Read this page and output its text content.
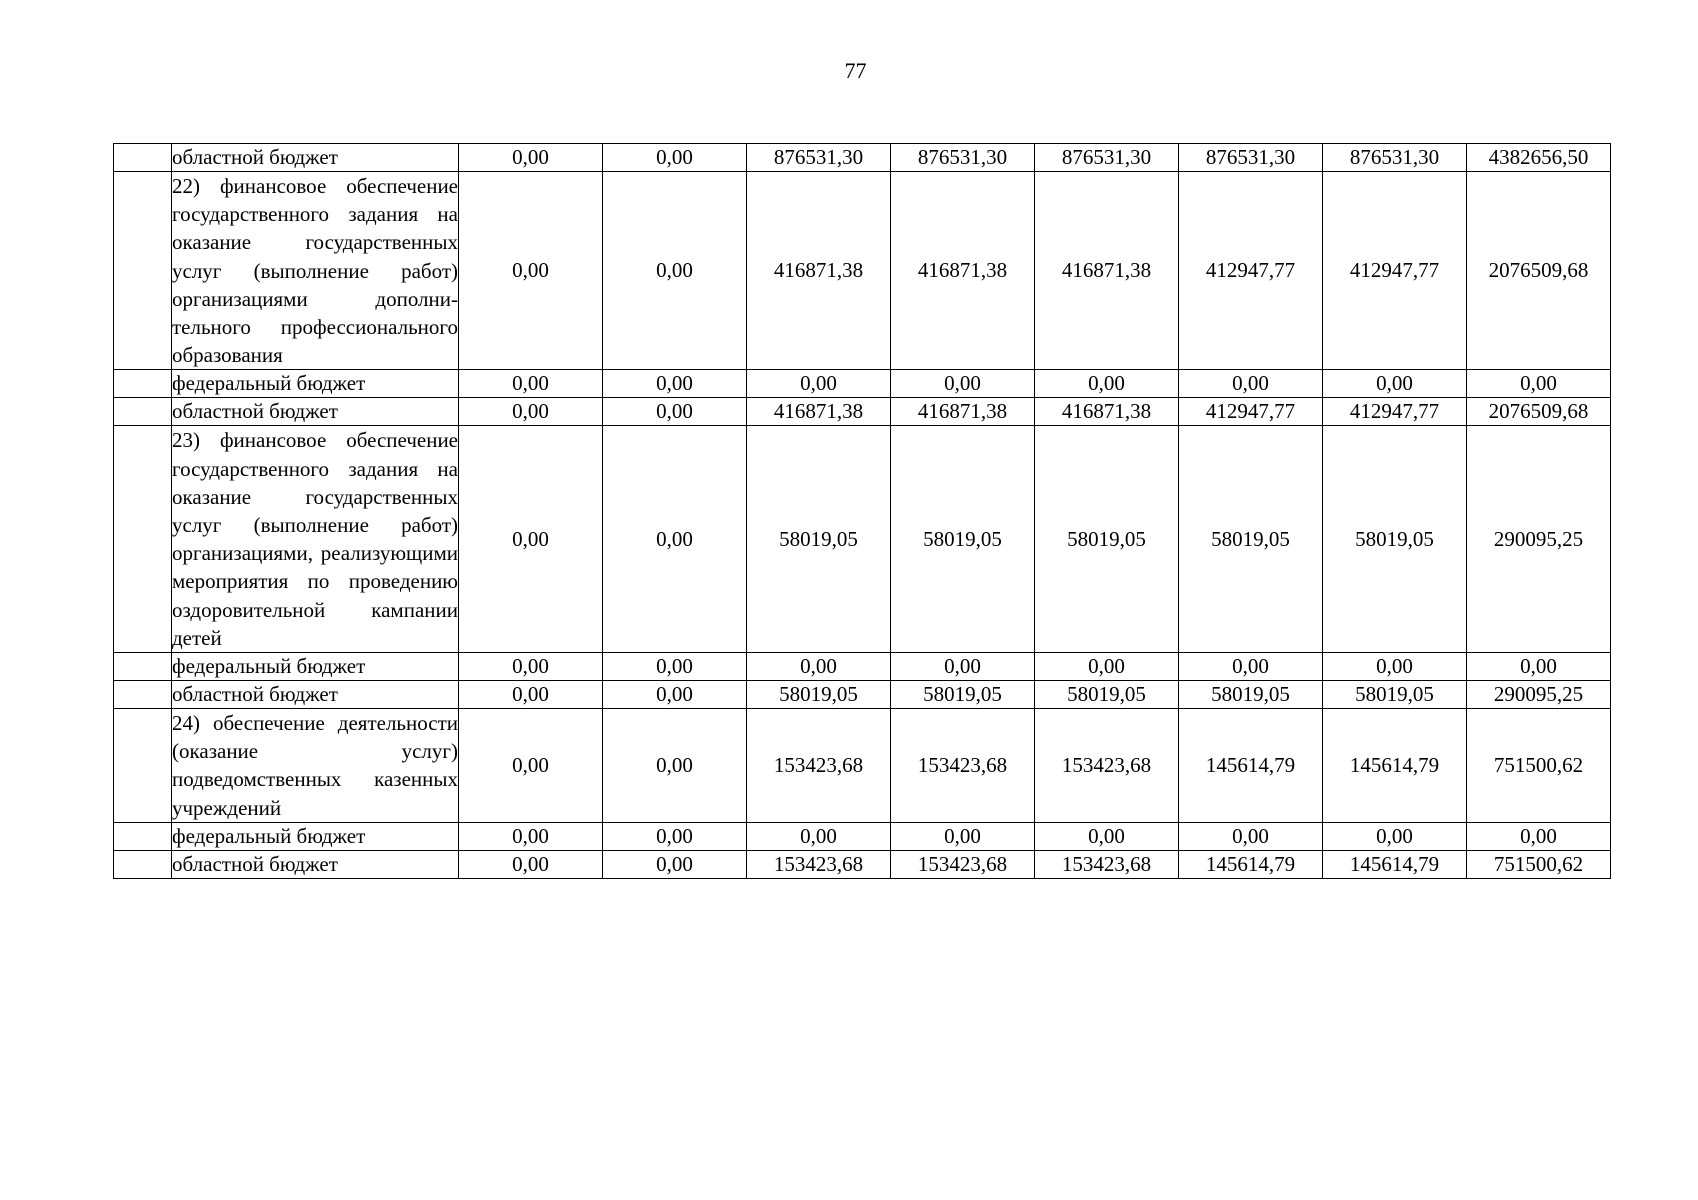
77
	областной бюджет	0,00	0,00	876531,30	876531,30	876531,30	876531,30	876531,30	4382656,50
	22) финансовое обеспечение государственного задания на оказание государственных услуг (выполнение работ) организациями дополни-тельного профессионального образования	0,00	0,00	416871,38	416871,38	416871,38	412947,77	412947,77	2076509,68
	федеральный бюджет	0,00	0,00	0,00	0,00	0,00	0,00	0,00	0,00
	областной бюджет	0,00	0,00	416871,38	416871,38	416871,38	412947,77	412947,77	2076509,68
	23) финансовое обеспечение государственного задания на оказание государственных услуг (выполнение работ) организациями, реализующими мероприятия по проведению оздоровительной кампании детей	0,00	0,00	58019,05	58019,05	58019,05	58019,05	58019,05	290095,25
	федеральный бюджет	0,00	0,00	0,00	0,00	0,00	0,00	0,00	0,00
	областной бюджет	0,00	0,00	58019,05	58019,05	58019,05	58019,05	58019,05	290095,25
	24) обеспечение деятельности (оказание услуг) подведомственных казенных учреждений	0,00	0,00	153423,68	153423,68	153423,68	145614,79	145614,79	751500,62
	федеральный бюджет	0,00	0,00	0,00	0,00	0,00	0,00	0,00	0,00
	областной бюджет	0,00	0,00	153423,68	153423,68	153423,68	145614,79	145614,79	751500,62
